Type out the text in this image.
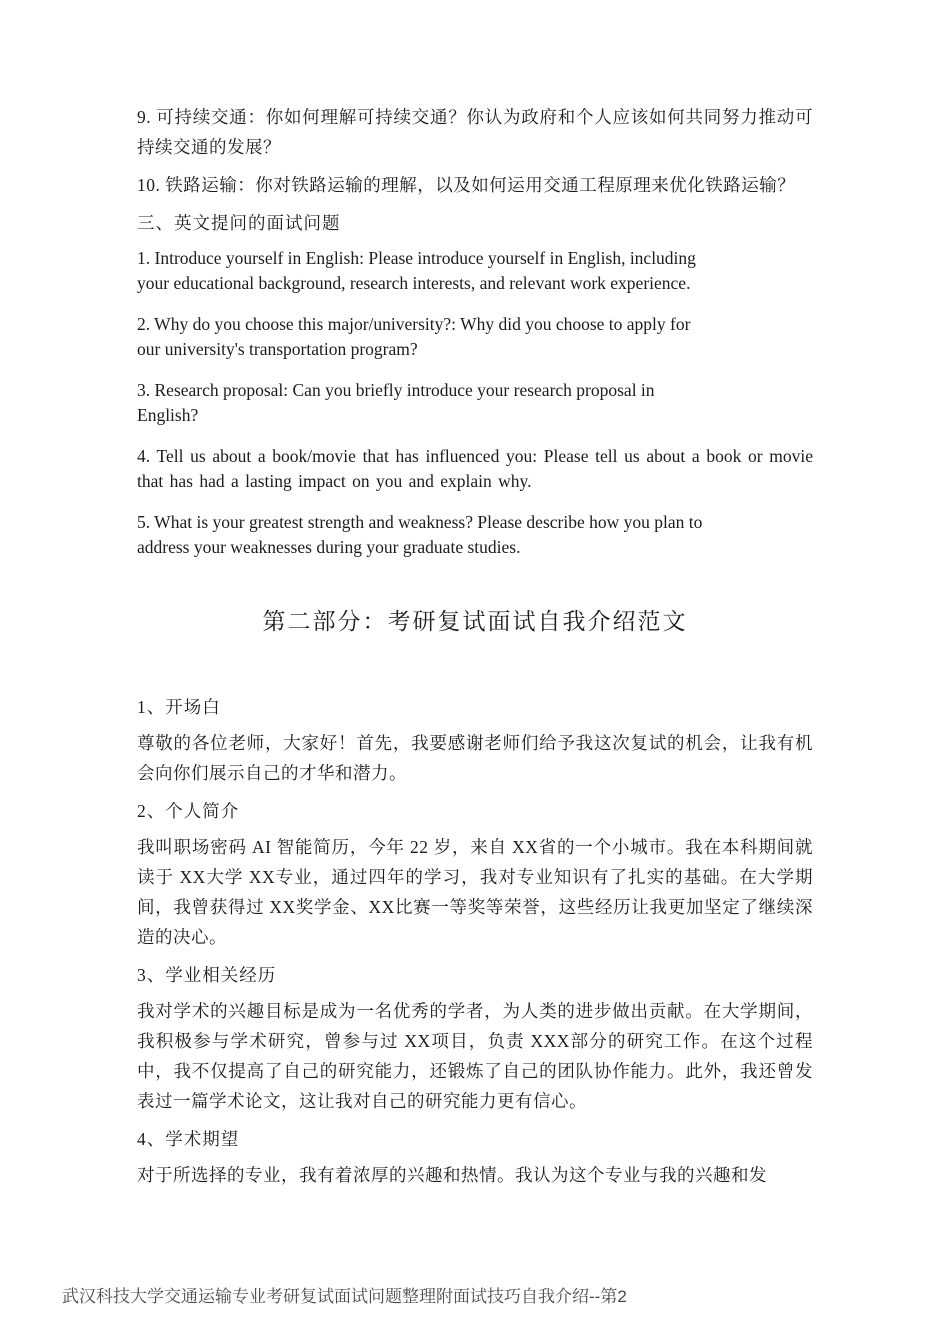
9. 可持续交通：你如何理解可持续交通？你认为政府和个人应该如何共同努力推动可持续交通的发展？

10. 铁路运输：你对铁路运输的理解，以及如何运用交通工程原理来优化铁路运输？

三、英文提问的面试问题

1. Introduce yourself in English: Please introduce yourself in English, including your educational background, research interests, and relevant work experience.

2. Why do you choose this major/university?: Why did you choose to apply for our university's transportation program?

3. Research proposal: Can you briefly introduce your research proposal in English?

4. Tell us about a book/movie that has influenced you: Please tell us about a book or movie that has had a lasting impact on you and explain why.

5. What is your greatest strength and weakness? Please describe how you plan to address your weaknesses during your graduate studies.

第二部分：考研复试面试自我介绍范文

1、开场白

尊敬的各位老师，大家好！首先，我要感谢老师们给予我这次复试的机会，让我有机会向你们展示自己的才华和潜力。

2、个人简介

我叫职场密码 AI 智能简历，今年 22 岁，来自 XX省的一个小城市。我在本科期间就读于 XX大学 XX专业，通过四年的学习，我对专业知识有了扎实的基础。在大学期间，我曾获得过 XX奖学金、XX比赛一等奖等荣誉，这些经历让我更加坚定了继续深造的决心。

3、学业相关经历

我对学术的兴趣目标是成为一名优秀的学者，为人类的进步做出贡献。在大学期间，我积极参与学术研究，曾参与过 XX项目，负责 XXX部分的研究工作。在这个过程中，我不仅提高了自己的研究能力，还锻炼了自己的团队协作能力。此外，我还曾发表过一篇学术论文，这让我对自己的研究能力更有信心。

4、学术期望

对于所选择的专业，我有着浓厚的兴趣和热情。我认为这个专业与我的兴趣和发

武汉科技大学交通运输专业考研复试面试问题整理附面试技巧自我介绍--第2
